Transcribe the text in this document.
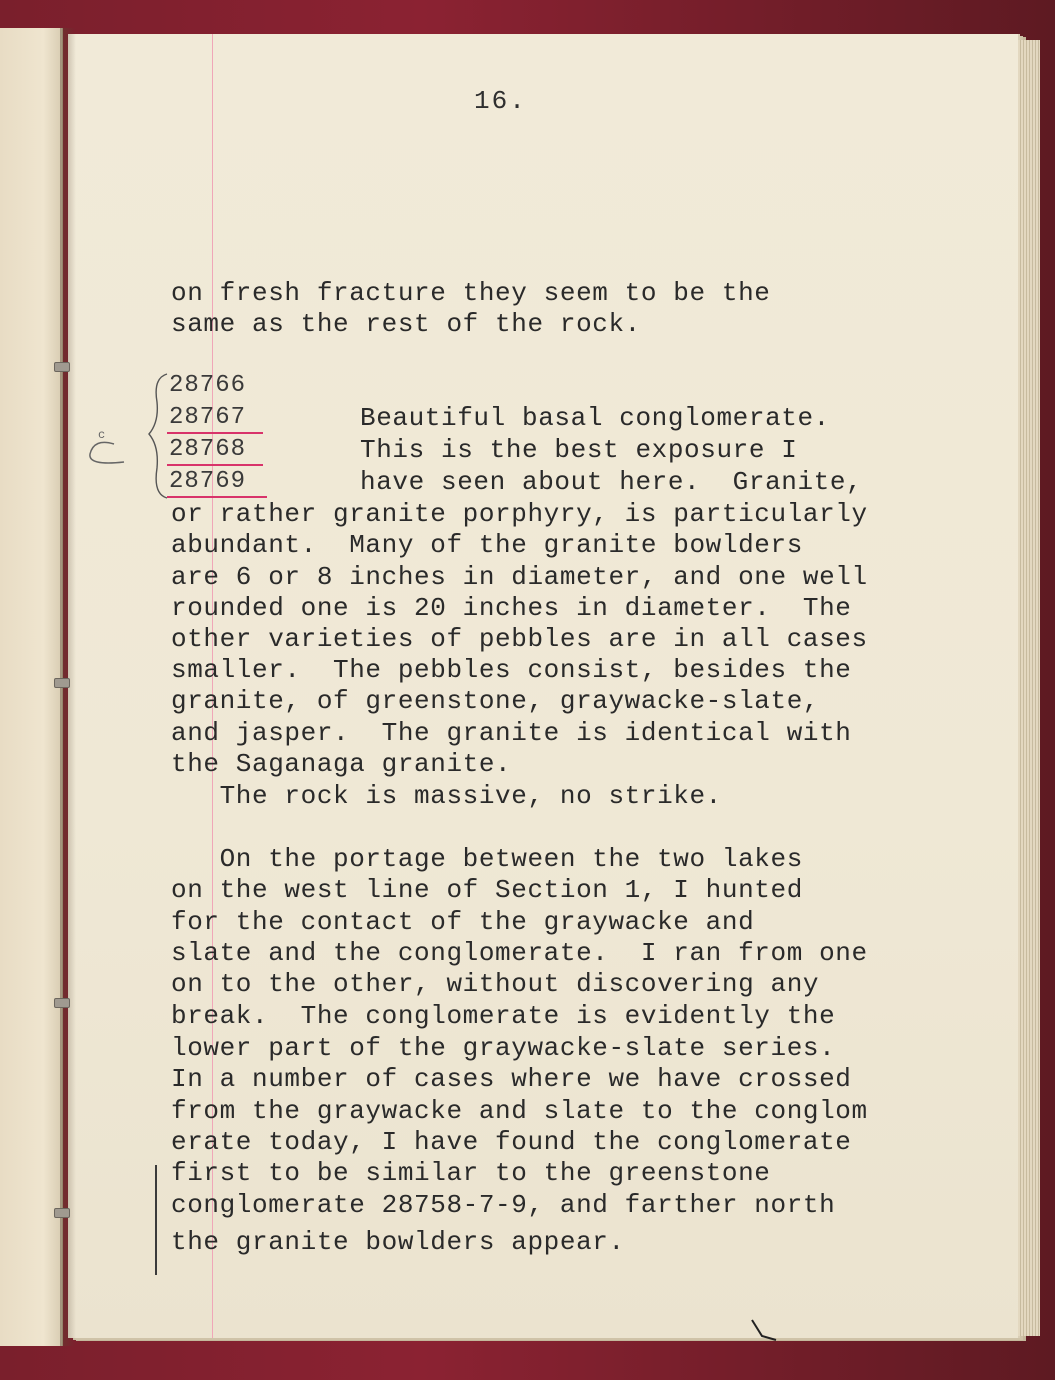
16.
on fresh fracture they seem to be the
same as the rest of the rock.
c
28766
28767
28768
28769
Beautiful basal conglomerate.
This is the best exposure I
have seen about here.  Granite,
or rather granite porphyry, is particularly
abundant.  Many of the granite bowlders
are 6 or 8 inches in diameter, and one well
rounded one is 20 inches in diameter.  The
other varieties of pebbles are in all cases
smaller.  The pebbles consist, besides the
granite, of greenstone, graywacke-slate,
and jasper.  The granite is identical with
the Saganaga granite.
The rock is massive, no strike.
On the portage between the two lakes
on the west line of Section 1, I hunted
for the contact of the graywacke and
slate and the conglomerate.  I ran from one
on to the other, without discovering any
break.  The conglomerate is evidently the
lower part of the graywacke-slate series.
In a number of cases where we have crossed
from the graywacke and slate to the conglom
erate today, I have found the conglomerate
first to be similar to the greenstone
conglomerate 28758-7-9, and farther north
the granite bowlders appear.
